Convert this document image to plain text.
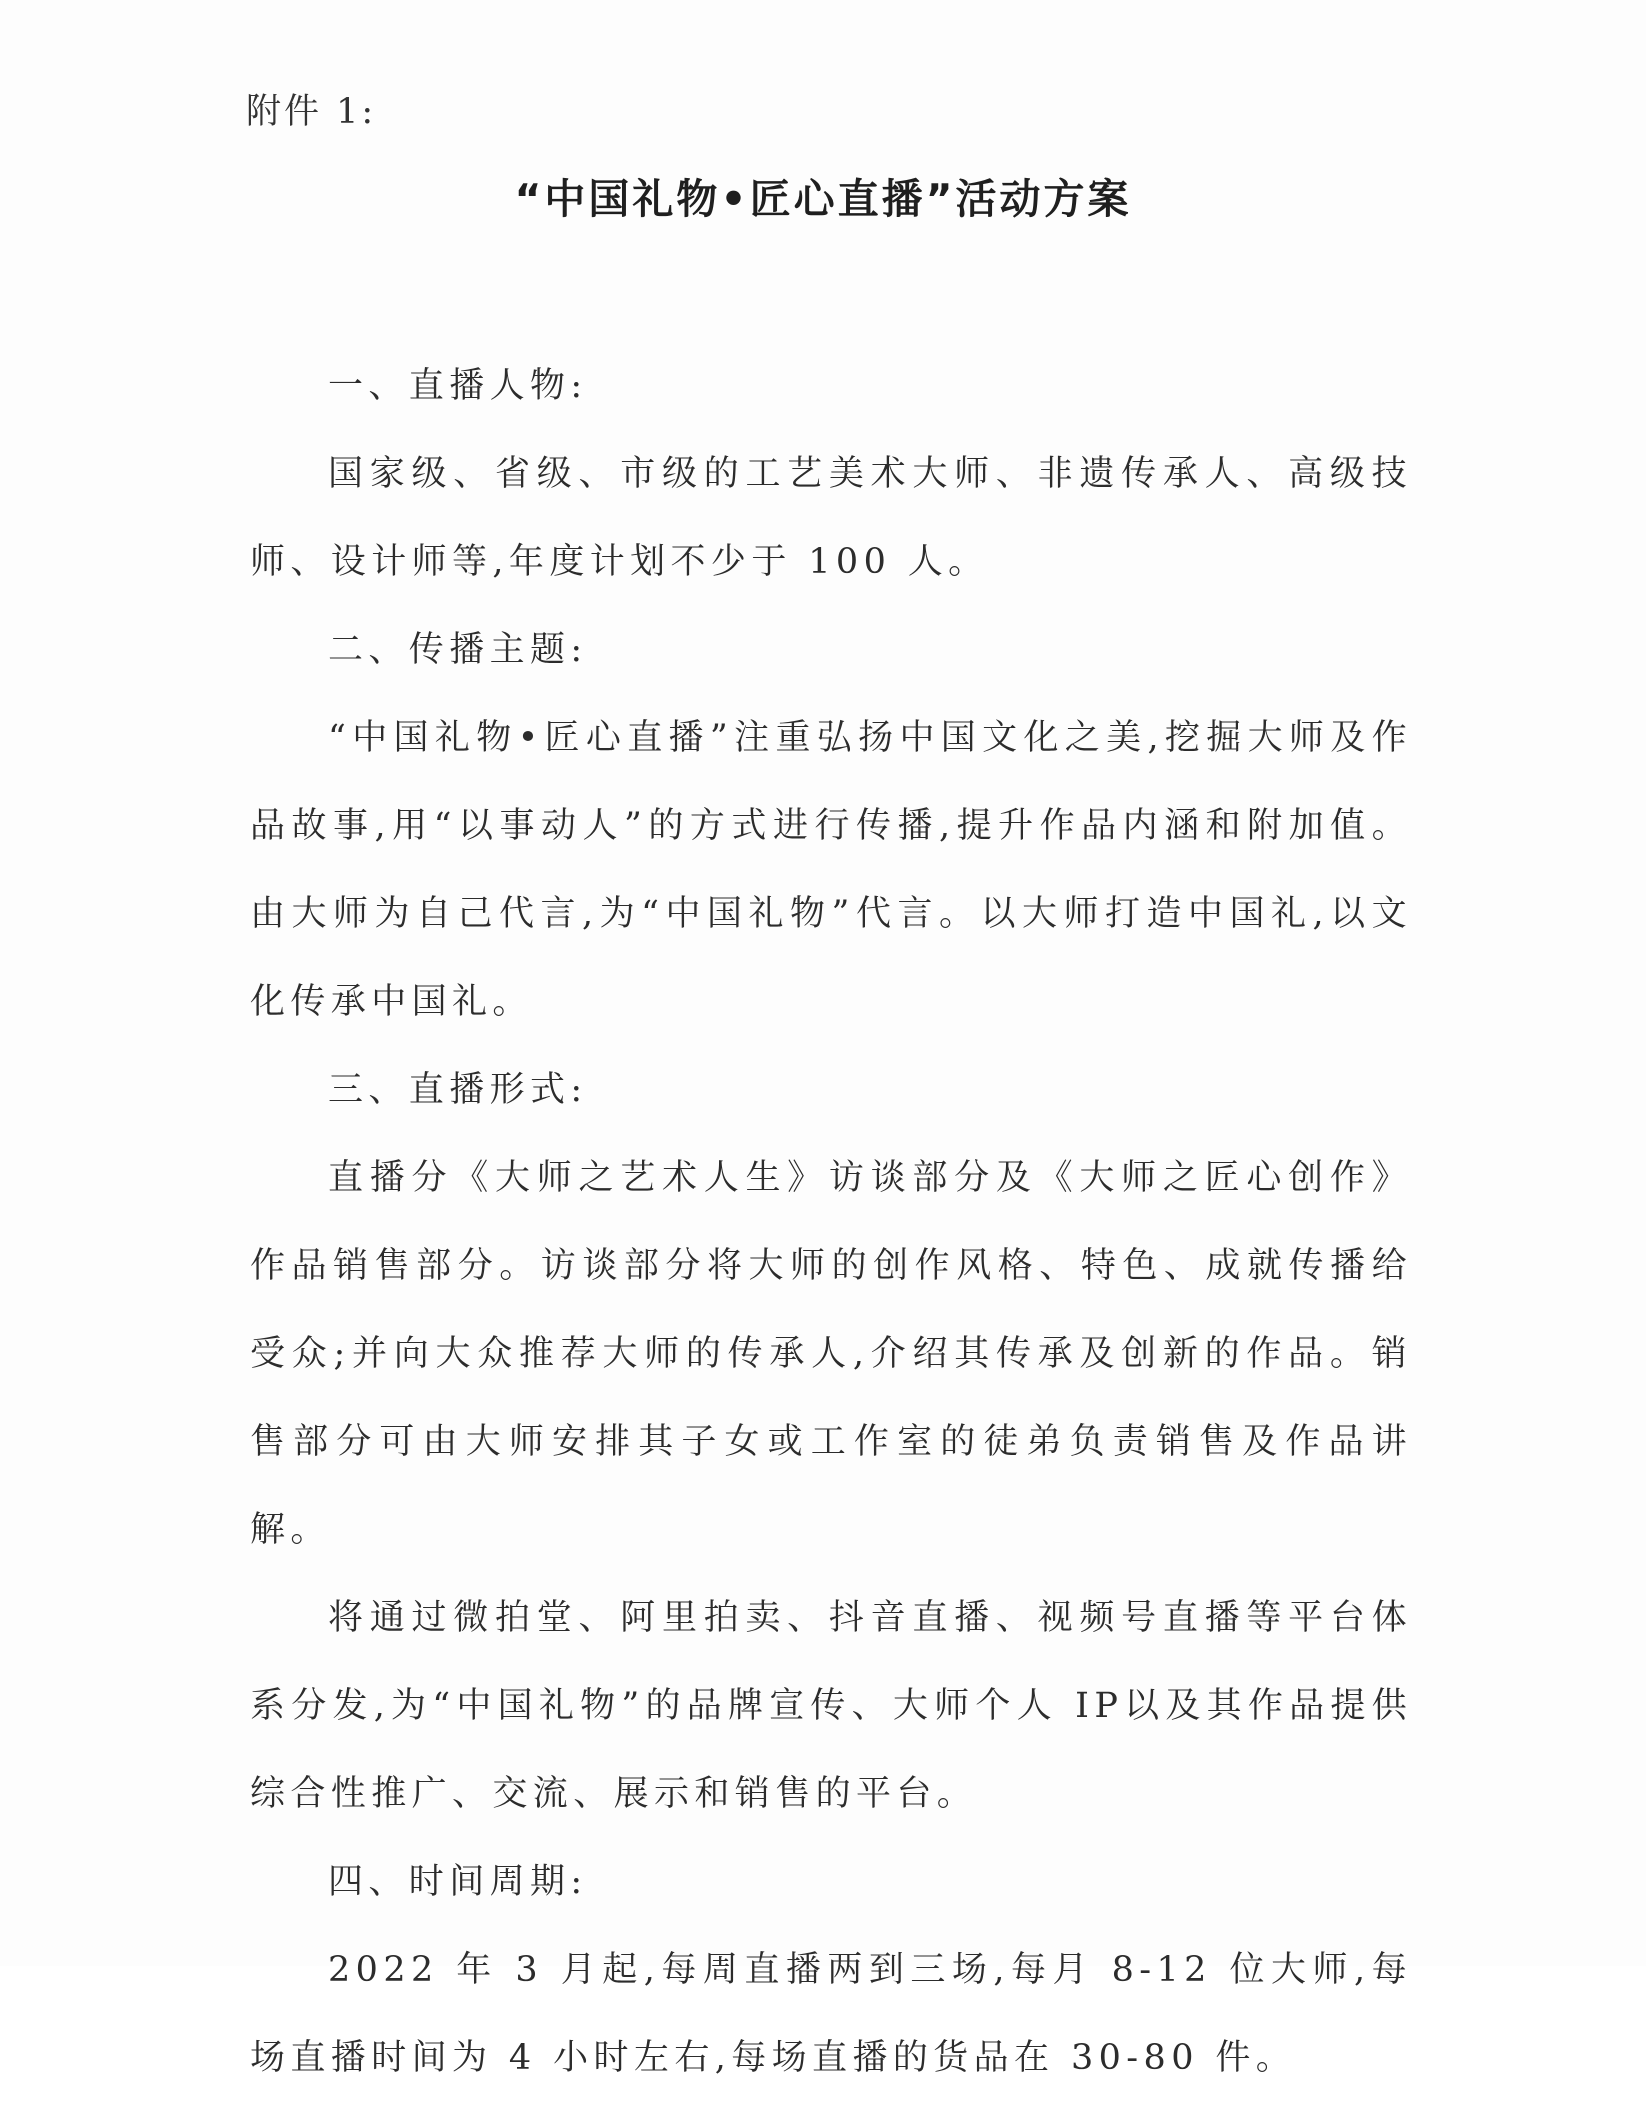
附件 1:
“中国礼物•匠心直播”活动方案

一、直播人物:

国家级、省级、市级的工艺美术大师、非遗传承人、高级技师、设计师等,年度计划不少于 100 人。

二、传播主题:

“中国礼物•匠心直播”注重弘扬中国文化之美,挖掘大师及作品故事,用“以事动人”的方式进行传播,提升作品内涵和附加值。由大师为自己代言,为“中国礼物”代言。以大师打造中国礼,以文化传承中国礼。

三、直播形式:

直播分《大师之艺术人生》访谈部分及《大师之匠心创作》作品销售部分。访谈部分将大师的创作风格、特色、成就传播给受众;并向大众推荐大师的传承人,介绍其传承及创新的作品。销售部分可由大师安排其子女或工作室的徒弟负责销售及作品讲解。

将通过微拍堂、阿里拍卖、抖音直播、视频号直播等平台体系分发,为“中国礼物”的品牌宣传、大师个人 IP以及其作品提供综合性推广、交流、展示和销售的平台。

四、时间周期:

2022 年 3 月起,每周直播两到三场,每月 8-12 位大师,每场直播时间为 4 小时左右,每场直播的货品在 30-80 件。
